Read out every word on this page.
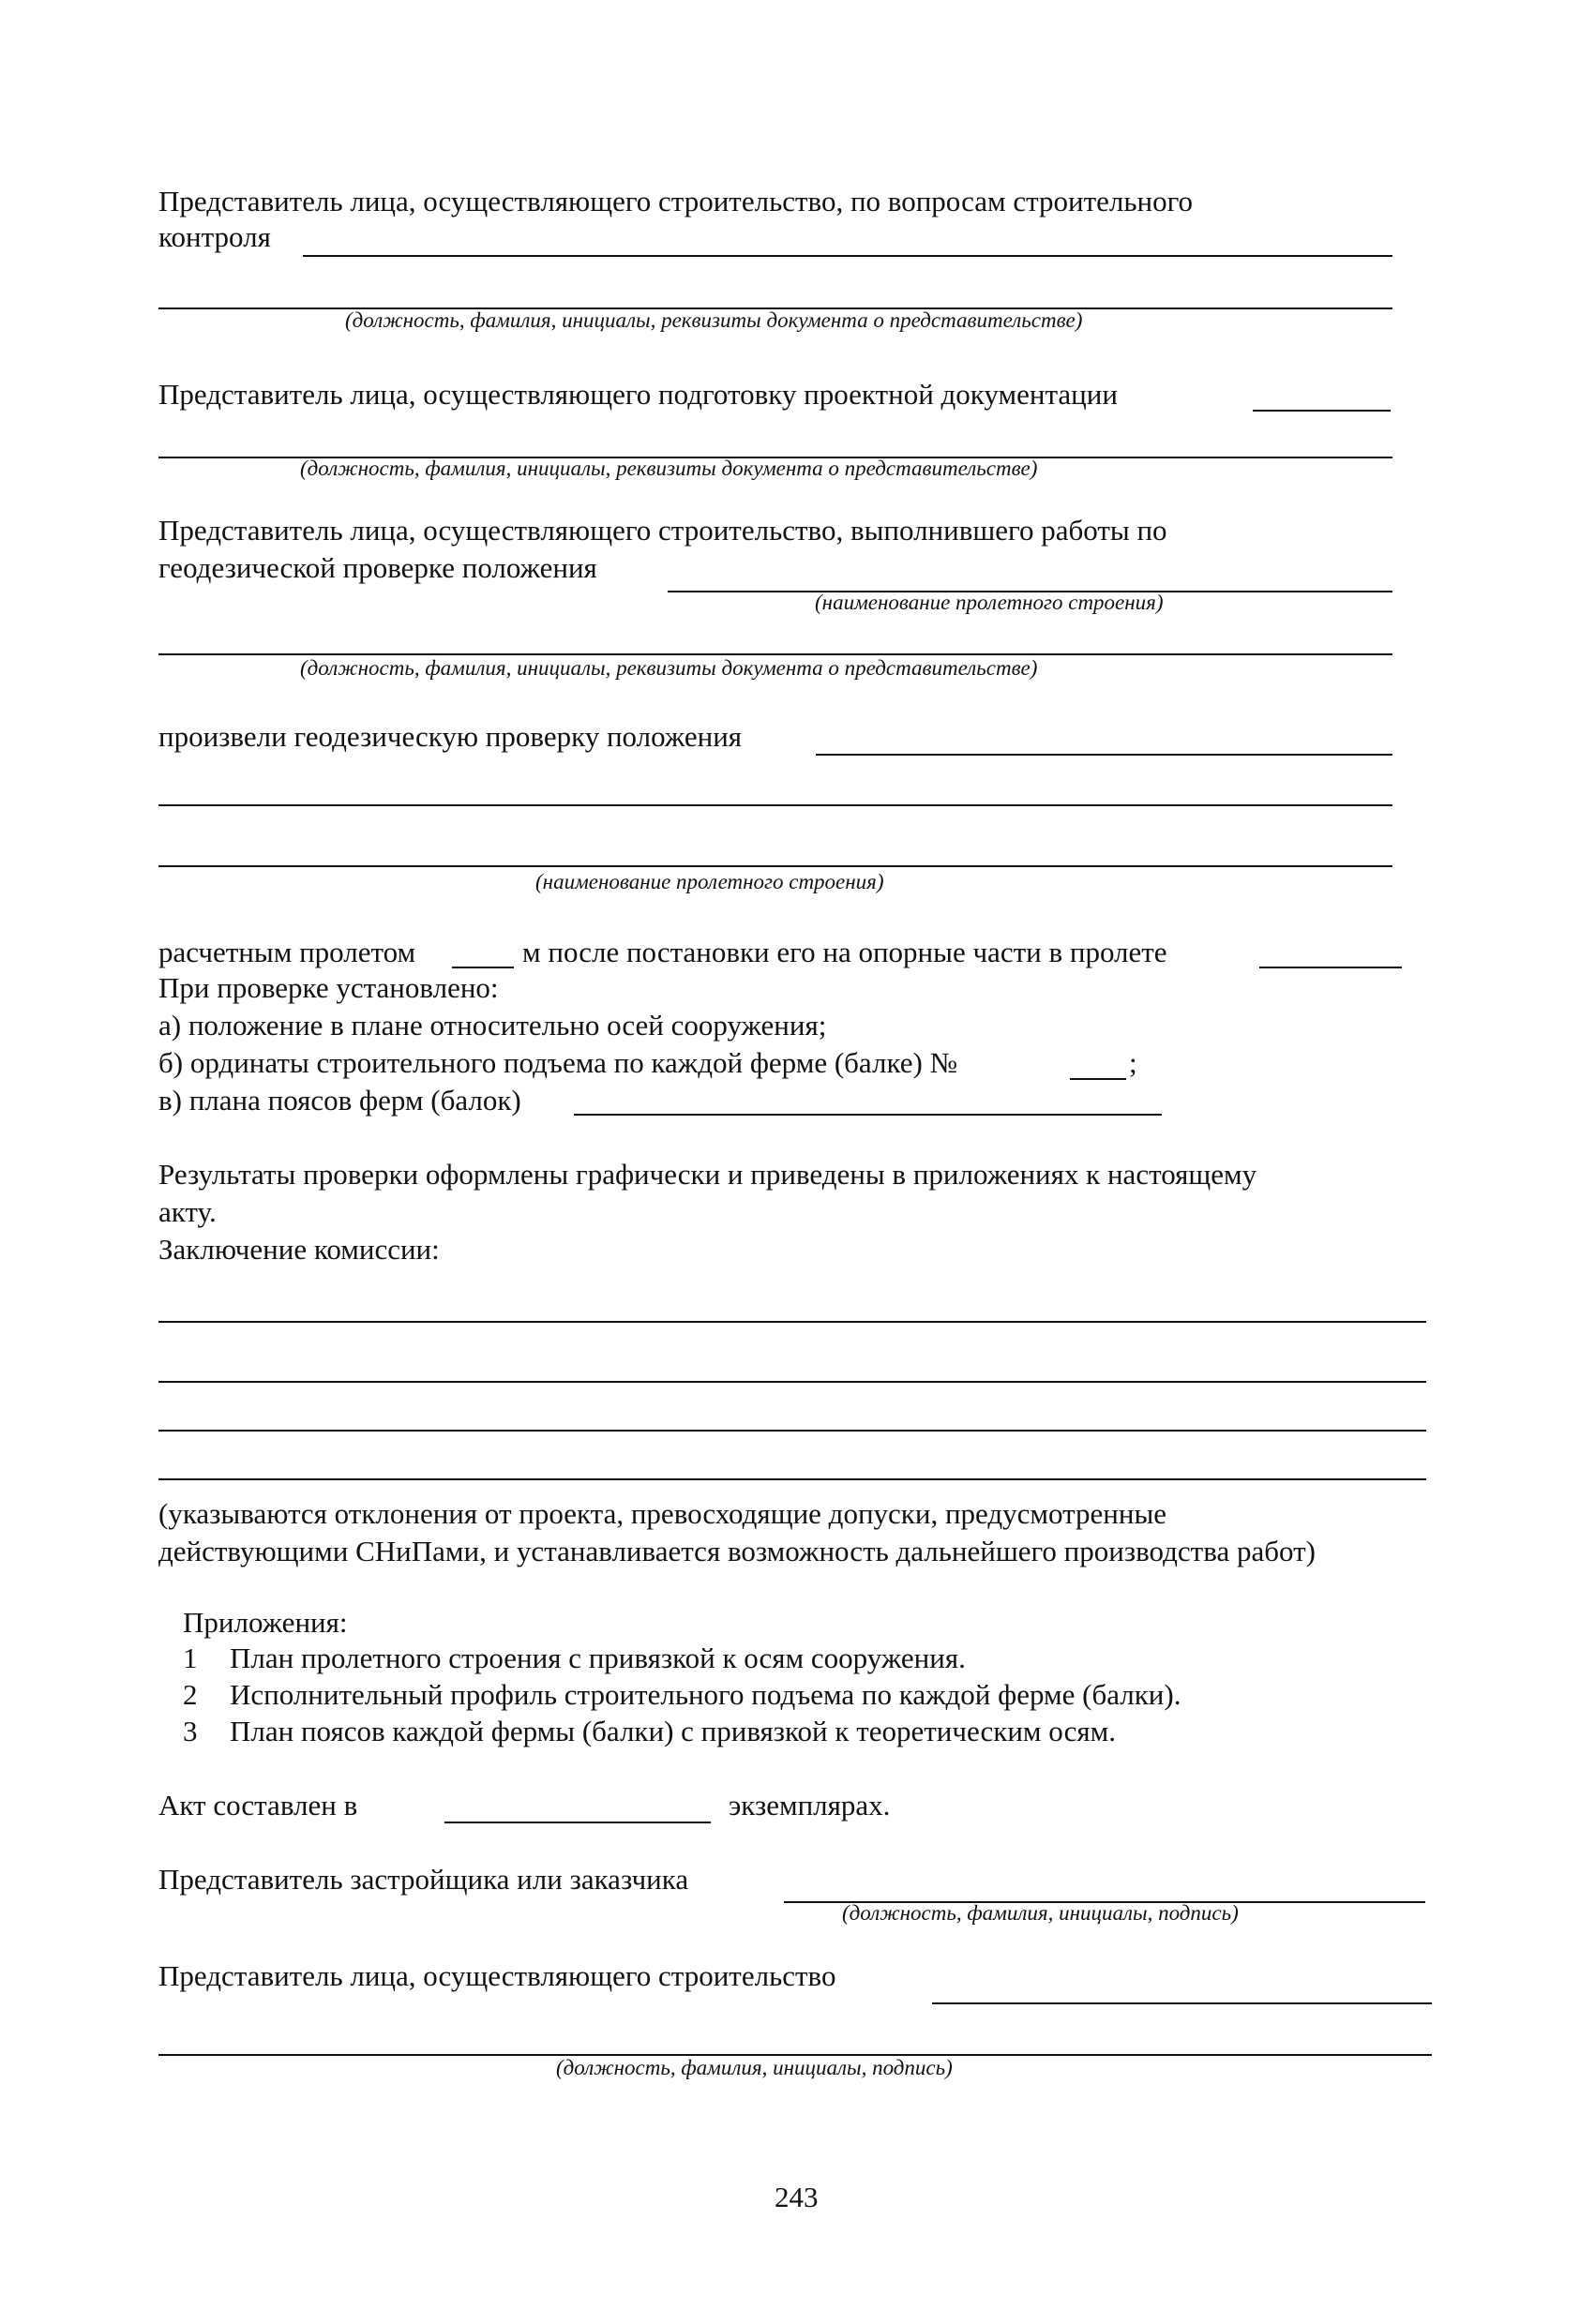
Представитель лица, осуществляющего строительство, по вопросам строительного
контроля
(должность, фамилия, инициалы, реквизиты документа о представительстве)
Представитель лица, осуществляющего подготовку проектной документации
(должность, фамилия, инициалы, реквизиты документа о представительстве)
Представитель лица, осуществляющего строительство, выполнившего работы по
геодезической проверке положения
(наименование пролетного строения)
(должность, фамилия, инициалы, реквизиты документа о представительстве)
произвели геодезическую проверку положения
(наименование пролетного строения)
расчетным пролетом	м после постановки его на опорные части в пролете
При проверке установлено:
а) положение в плане относительно осей сооружения;
б) ординаты строительного подъема по каждой ферме (балке) №	;
в) плана поясов ферм (балок)
Результаты проверки оформлены графически и приведены в приложениях к настоящему
акту.
Заключение комиссии:
(указываются отклонения от проекта, превосходящие допуски, предусмотренные
действующими СНиПами, и устанавливается возможность дальнейшего производства работ)
Приложения:
1 План пролетного строения с привязкой к осям сооружения.
2 Исполнительный профиль строительного подъема по каждой ферме (балки).
3 План поясов каждой фермы (балки) с привязкой к теоретическим осям.
Акт составлен в	экземплярах.
Представитель застройщика или заказчика
(должность, фамилия, инициалы, подпись)
Представитель лица, осуществляющего строительство
(должность, фамилия, инициалы, подпись)
243
